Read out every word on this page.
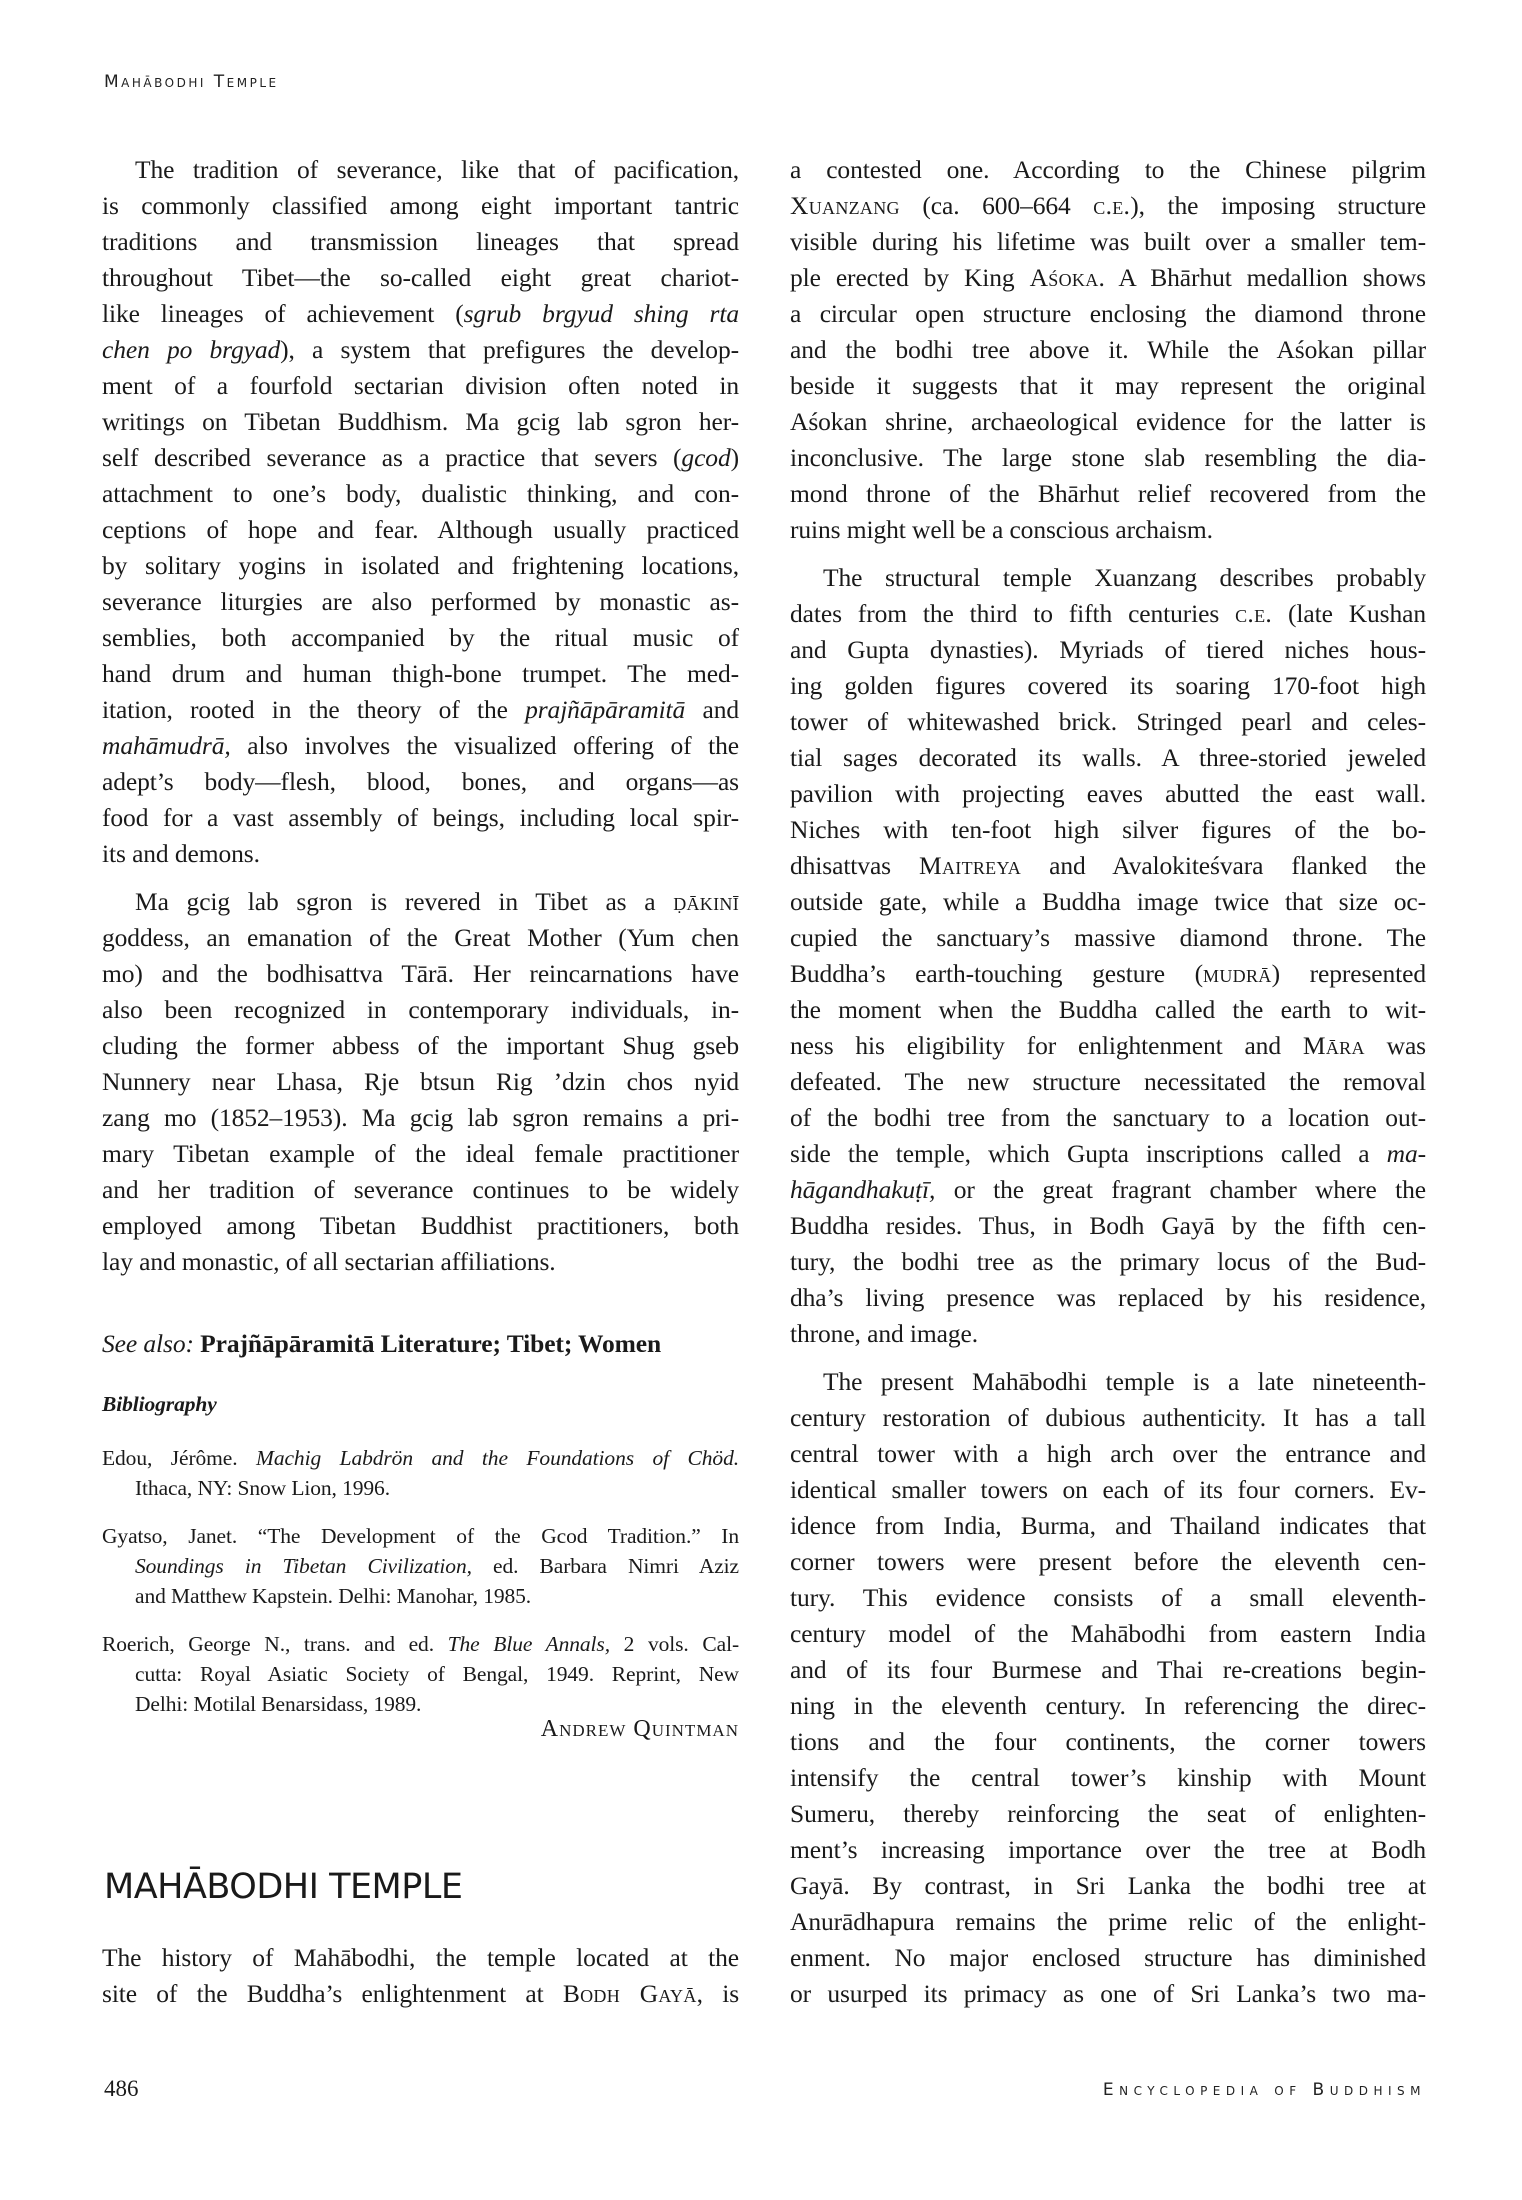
Mahābodhi Temple
The tradition of severance, like that of pacification,
is commonly classified among eight important tantric
traditions and transmission lineages that spread
throughout Tibet—the so-called eight great chariot-
like lineages of achievement (sgrub brgyud shing rta
chen po brgyad), a system that prefigures the develop-
ment of a fourfold sectarian division often noted in
writings on Tibetan Buddhism. Ma gcig lab sgron her-
self described severance as a practice that severs (gcod)
attachment to one’s body, dualistic thinking, and con-
ceptions of hope and fear. Although usually practiced
by solitary yogins in isolated and frightening locations,
severance liturgies are also performed by monastic as-
semblies, both accompanied by the ritual music of
hand drum and human thigh-bone trumpet. The med-
itation, rooted in the theory of the prajñāpāramitā and
mahāmudrā, also involves the visualized offering of the
adept’s body—flesh, blood, bones, and organs—as
food for a vast assembly of beings, including local spir-
its and demons.
Ma gcig lab sgron is revered in Tibet as a ḍākinī
goddess, an emanation of the Great Mother (Yum chen
mo) and the bodhisattva Tārā. Her reincarnations have
also been recognized in contemporary individuals, in-
cluding the former abbess of the important Shug gseb
Nunnery near Lhasa, Rje btsun Rig ’dzin chos nyid
zang mo (1852–1953). Ma gcig lab sgron remains a pri-
mary Tibetan example of the ideal female practitioner
and her tradition of severance continues to be widely
employed among Tibetan Buddhist practitioners, both
lay and monastic, of all sectarian affiliations.
See also: Prajñāpāramitā Literature; Tibet; Women
Bibliography
Edou, Jérôme. Machig Labdrön and the Foundations of Chöd.
Ithaca, NY: Snow Lion, 1996.
Gyatso, Janet. “The Development of the Gcod Tradition.” In
Soundings in Tibetan Civilization, ed. Barbara Nimri Aziz
and Matthew Kapstein. Delhi: Manohar, 1985.
Roerich, George N., trans. and ed. The Blue Annals, 2 vols. Cal-
cutta: Royal Asiatic Society of Bengal, 1949. Reprint, New
Delhi: Motilal Benarsidass, 1989.
Andrew Quintman
The history of Mahābodhi, the temple located at the
site of the Buddha’s enlightenment at Bodh Gayā, is
MAHĀBODHI TEMPLE
a contested one. According to the Chinese pilgrim
Xuanzang (ca. 600–664 c.e.), the imposing structure
visible during his lifetime was built over a smaller tem-
ple erected by King Aśoka. A Bhārhut medallion shows
a circular open structure enclosing the diamond throne
and the bodhi tree above it. While the Aśokan pillar
beside it suggests that it may represent the original
Aśokan shrine, archaeological evidence for the latter is
inconclusive. The large stone slab resembling the dia-
mond throne of the Bhārhut relief recovered from the
ruins might well be a conscious archaism.
The structural temple Xuanzang describes probably
dates from the third to fifth centuries c.e. (late Kushan
and Gupta dynasties). Myriads of tiered niches hous-
ing golden figures covered its soaring 170-foot high
tower of whitewashed brick. Stringed pearl and celes-
tial sages decorated its walls. A three-storied jeweled
pavilion with projecting eaves abutted the east wall.
Niches with ten-foot high silver figures of the bo-
dhisattvas Maitreya and Avalokiteśvara flanked the
outside gate, while a Buddha image twice that size oc-
cupied the sanctuary’s massive diamond throne. The
Buddha’s earth-touching gesture (mudrā) represented
the moment when the Buddha called the earth to wit-
ness his eligibility for enlightenment and Māra was
defeated. The new structure necessitated the removal
of the bodhi tree from the sanctuary to a location out-
side the temple, which Gupta inscriptions called a ma-
hāgandhakuṭī, or the great fragrant chamber where the
Buddha resides. Thus, in Bodh Gayā by the fifth cen-
tury, the bodhi tree as the primary locus of the Bud-
dha’s living presence was replaced by his residence,
throne, and image.
The present Mahābodhi temple is a late nineteenth-
century restoration of dubious authenticity. It has a tall
central tower with a high arch over the entrance and
identical smaller towers on each of its four corners. Ev-
idence from India, Burma, and Thailand indicates that
corner towers were present before the eleventh cen-
tury. This evidence consists of a small eleventh-
century model of the Mahābodhi from eastern India
and of its four Burmese and Thai re-creations begin-
ning in the eleventh century. In referencing the direc-
tions and the four continents, the corner towers
intensify the central tower’s kinship with Mount
Sumeru, thereby reinforcing the seat of enlighten-
ment’s increasing importance over the tree at Bodh
Gayā. By contrast, in Sri Lanka the bodhi tree at
Anurādhapura remains the prime relic of the enlight-
enment. No major enclosed structure has diminished
or usurped its primacy as one of Sri Lanka’s two ma-
486	Encyclopedia of Buddhism
